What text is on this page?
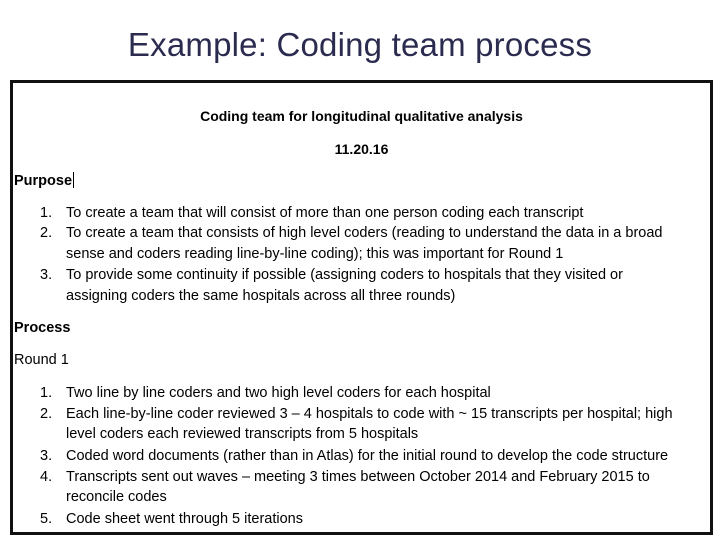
Example: Coding team process
Coding team for longitudinal qualitative analysis
11.20.16
Purpose
1. To create a team that will consist of more than one person coding each transcript
2. To create a team that consists of high level coders (reading to understand the data in a broad
sense and coders reading line-by-line coding); this was important for Round 1
3. To provide some continuity if possible (assigning coders to hospitals that they visited or
assigning coders the same hospitals across all three rounds)
Process
Round 1
1. Two line by line coders and two high level coders for each hospital
2. Each line-by-line coder reviewed 3 – 4 hospitals to code with ~ 15 transcripts per hospital; high
level coders each reviewed transcripts from 5 hospitals
3. Coded word documents (rather than in Atlas) for the initial round to develop the code structure
4. Transcripts sent out waves – meeting 3 times between October 2014 and February 2015 to
reconcile codes
5. Code sheet went through 5 iterations
